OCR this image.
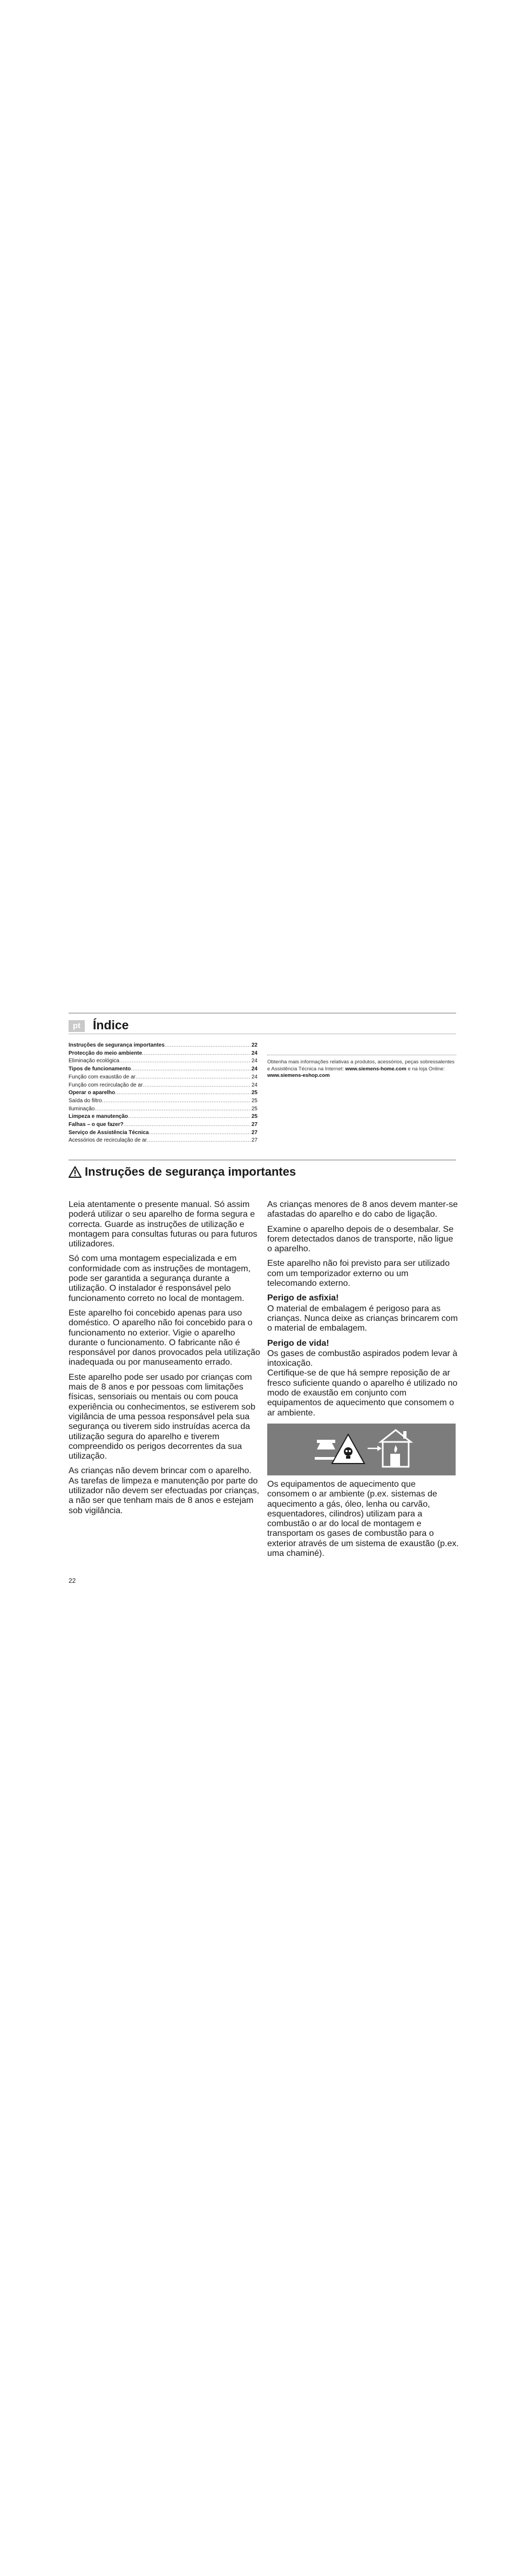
pt Índice
Instruções de segurança importantes .....	22
Protecção do meio ambiente .....	24
Eliminação ecológica .....	24
Tipos de funcionamento .....	24
Função com exaustão de ar .....	24
Função com recirculação de ar .....	24
Operar o aparelho .....	25
Saída do filtro .....	25
Iluminação .....	25
Limpeza e manutenção .....	25
Falhas – o que fazer? .....	27
Serviço de Assistência Técnica .....	27
Acessórios de recirculação de ar .....	27
Obtenha mais informações relativas a produtos, acessórios, peças sobressalentes e Assistência Técnica na Internet: www.siemens-home.com e na loja Online:
www.siemens-eshop.com
Instruções de segurança importantes

Leia atentamente o presente manual. Só assim poderá utilizar o seu aparelho de forma segura e correcta. Guarde as instruções de utilização e montagem para consultas futuras ou para futuros utilizadores.

Só com uma montagem especializada e em conformidade com as instruções de montagem, pode ser garantida a segurança durante a utilização. O instalador é responsável pelo funcionamento correto no local de montagem.

Este aparelho foi concebido apenas para uso doméstico. O aparelho não foi concebido para o funcionamento no exterior. Vigie o aparelho durante o funcionamento. O fabricante não é responsável por danos provocados pela utilização inadequada ou por manuseamento errado.

Este aparelho pode ser usado por crianças com mais de 8 anos e por pessoas com limitações físicas, sensoriais ou mentais ou com pouca experiência ou conhecimentos, se estiverem sob vigilância de uma pessoa responsável pela sua segurança ou tiverem sido instruídas acerca da utilização segura do aparelho e tiverem compreendido os perigos decorrentes da sua utilização.

As crianças não devem brincar com o aparelho. As tarefas de limpeza e manutenção por parte do utilizador não devem ser efectuadas por crianças, a não ser que tenham mais de 8 anos e estejam sob vigilância.

As crianças menores de 8 anos devem manter-se afastadas do aparelho e do cabo de ligação.

Examine o aparelho depois de o desembalar. Se forem detectados danos de transporte, não ligue o aparelho.

Este aparelho não foi previsto para ser utilizado com um temporizador externo ou um telecomando externo.

Perigo de asfixia!

O material de embalagem é perigoso para as crianças. Nunca deixe as crianças brincarem com o material de embalagem.

Perigo de vida!

Os gases de combustão aspirados podem levar à intoxicação.

Certifique-se de que há sempre reposição de ar fresco suficiente quando o aparelho é utilizado no modo de exaustão em conjunto com equipamentos de aquecimento que consomem o ar ambiente.

Os equipamentos de aquecimento que consomem o ar ambiente (p.ex. sistemas de aquecimento a gás, óleo, lenha ou carvão, esquentadores, cilindros) utilizam para a combustão o ar do local de montagem e transportam os gases de combustão para o exterior através de um sistema de exaustão (p.ex. uma chaminé).

22
